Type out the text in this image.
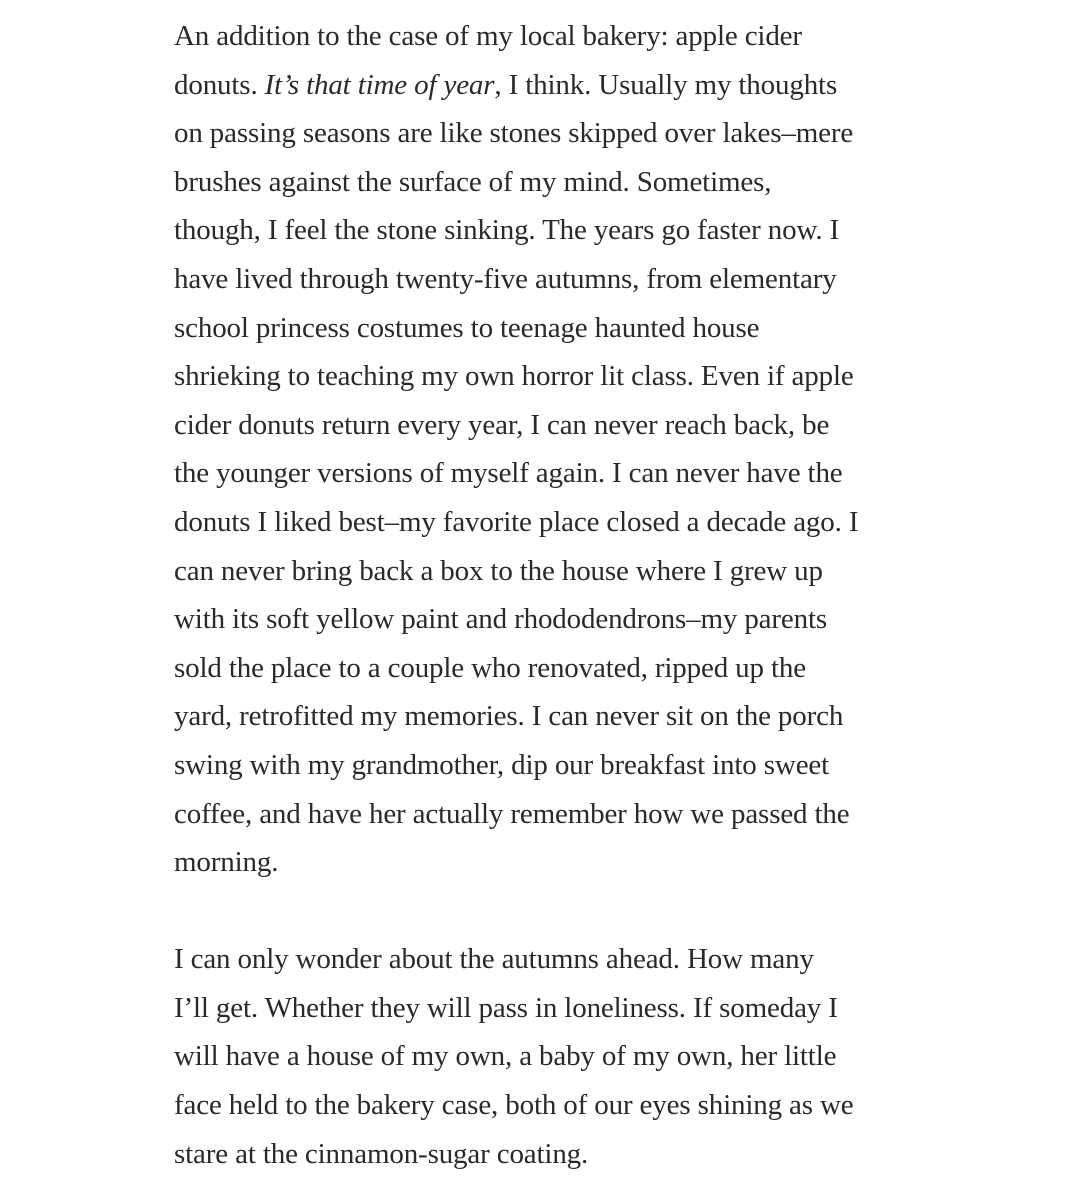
An addition to the case of my local bakery: apple cider
donuts. It’s that time of year, I think. Usually my thoughts
on passing seasons are like stones skipped over lakes–mere
brushes against the surface of my mind. Sometimes,
though, I feel the stone sinking. The years go faster now. I
have lived through twenty-five autumns, from elementary
school princess costumes to teenage haunted house
shrieking to teaching my own horror lit class. Even if apple
cider donuts return every year, I can never reach back, be
the younger versions of myself again. I can never have the
donuts I liked best–my favorite place closed a decade ago. I
can never bring back a box to the house where I grew up
with its soft yellow paint and rhododendrons–my parents
sold the place to a couple who renovated, ripped up the
yard, retrofitted my memories. I can never sit on the porch
swing with my grandmother, dip our breakfast into sweet
coffee, and have her actually remember how we passed the
morning.

I can only wonder about the autumns ahead. How many
I’ll get. Whether they will pass in loneliness. If someday I
will have a house of my own, a baby of my own, her little
face held to the bakery case, both of our eyes shining as we
stare at the cinnamon-sugar coating.
